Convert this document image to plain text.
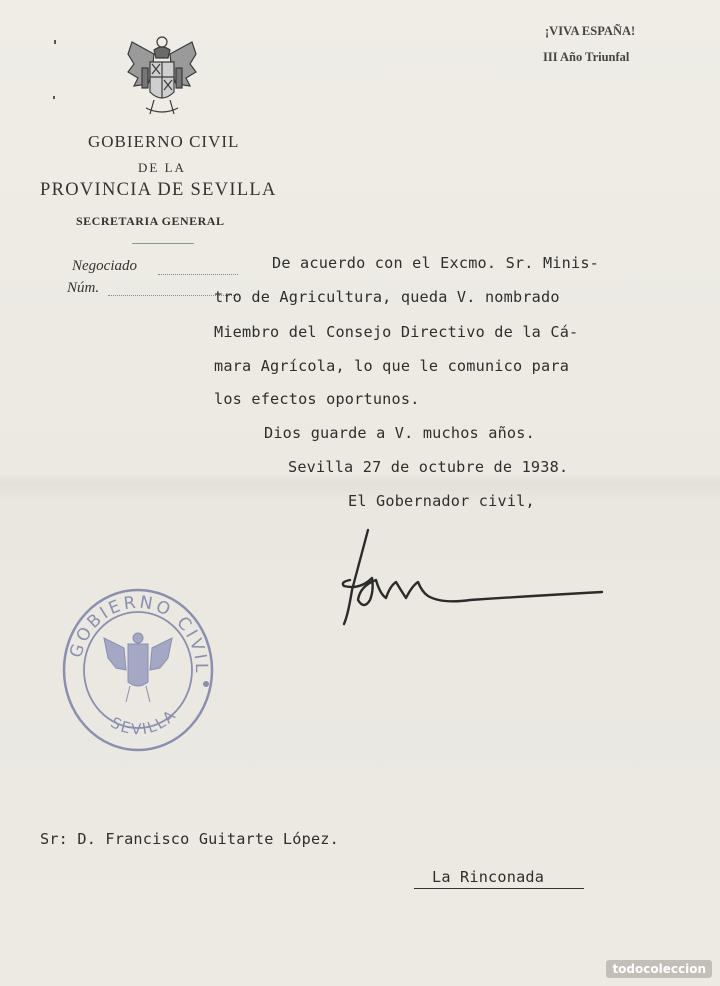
GOBIERNO CIVIL
DE LA
PROVINCIA DE SEVILLA
SECRETARIA GENERAL
¡VIVA ESPAÑA!
III Año Triunfal
Negociado
Núm.
De acuerdo con el Excmo. Sr. Minis-
tro de Agricultura, queda V. nombrado
Miembro del Consejo Directivo de la Cá-
mara Agrícola, lo que le comunico para
los efectos oportunos.
Dios guarde a V. muchos años.
Sevilla 27 de octubre de 1938.
El Gobernador civil,
GOBIERNO CIVIL
SEVILLA
Sr: D. Francisco Guitarte López.
La Rinconada
todocoleccion
